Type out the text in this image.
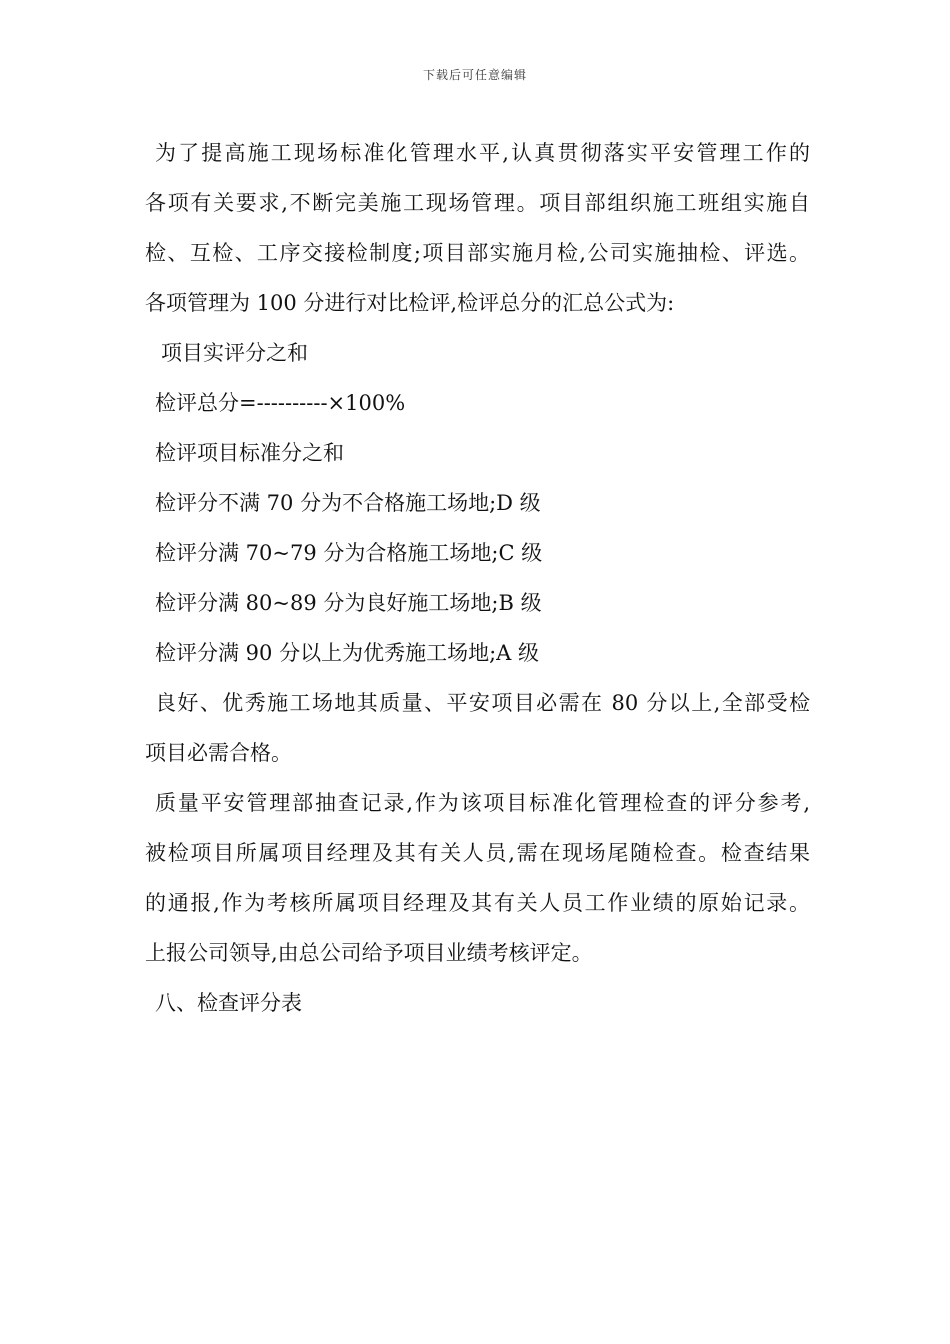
下载后可任意编辑
为了提高施工现场标准化管理水平,认真贯彻落实平安管理工作的
各项有关要求,不断完美施工现场管理。项目部组织施工班组实施自
检、互检、工序交接检制度;项目部实施月检,公司实施抽检、评选。
各项管理为 100 分进行对比检评,检评总分的汇总公式为:
项目实评分之和
检评总分=----------×100%
检评项目标准分之和
检评分不满 70 分为不合格施工场地;D 级
检评分满 70~79 分为合格施工场地;C 级
检评分满 80~89 分为良好施工场地;B 级
检评分满 90 分以上为优秀施工场地;A 级
良好、优秀施工场地其质量、平安项目必需在 80 分以上,全部受检
项目必需合格。
质量平安管理部抽查记录,作为该项目标准化管理检查的评分参考,
被检项目所属项目经理及其有关人员,需在现场尾随检查。检查结果
的通报,作为考核所属项目经理及其有关人员工作业绩的原始记录。
上报公司领导,由总公司给予项目业绩考核评定。
八、检查评分表
